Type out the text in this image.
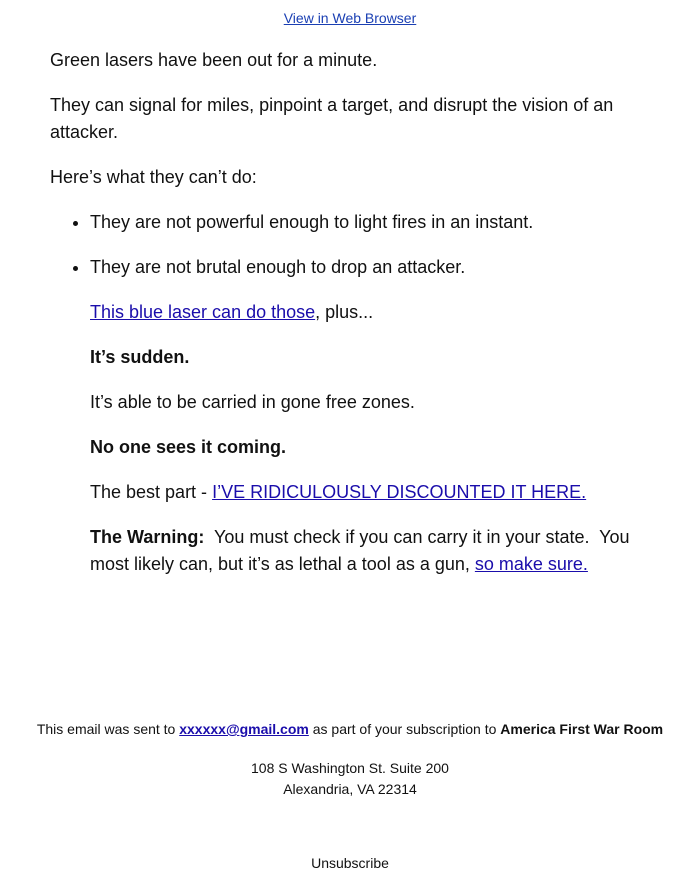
View in Web Browser

Green lasers have been out for a minute.

They can signal for miles, pinpoint a target, and disrupt the vision of an attacker.

Here’s what they can’t do:

• They are not powerful enough to light fires in an instant.
• They are not brutal enough to drop an attacker.

This blue laser can do those, plus...

It’s sudden.

It’s able to be carried in gone free zones.

No one sees it coming.

The best part - I’VE RIDICULOUSLY DISCOUNTED IT HERE.

The Warning:  You must check if you can carry it in your state.  You most likely can, but it’s as lethal a tool as a gun, so make sure.

This email was sent to xxxxxx@gmail.com as part of your subscription to America First War Room
108 S Washington St. Suite 200
Alexandria, VA 22314
Unsubscribe
